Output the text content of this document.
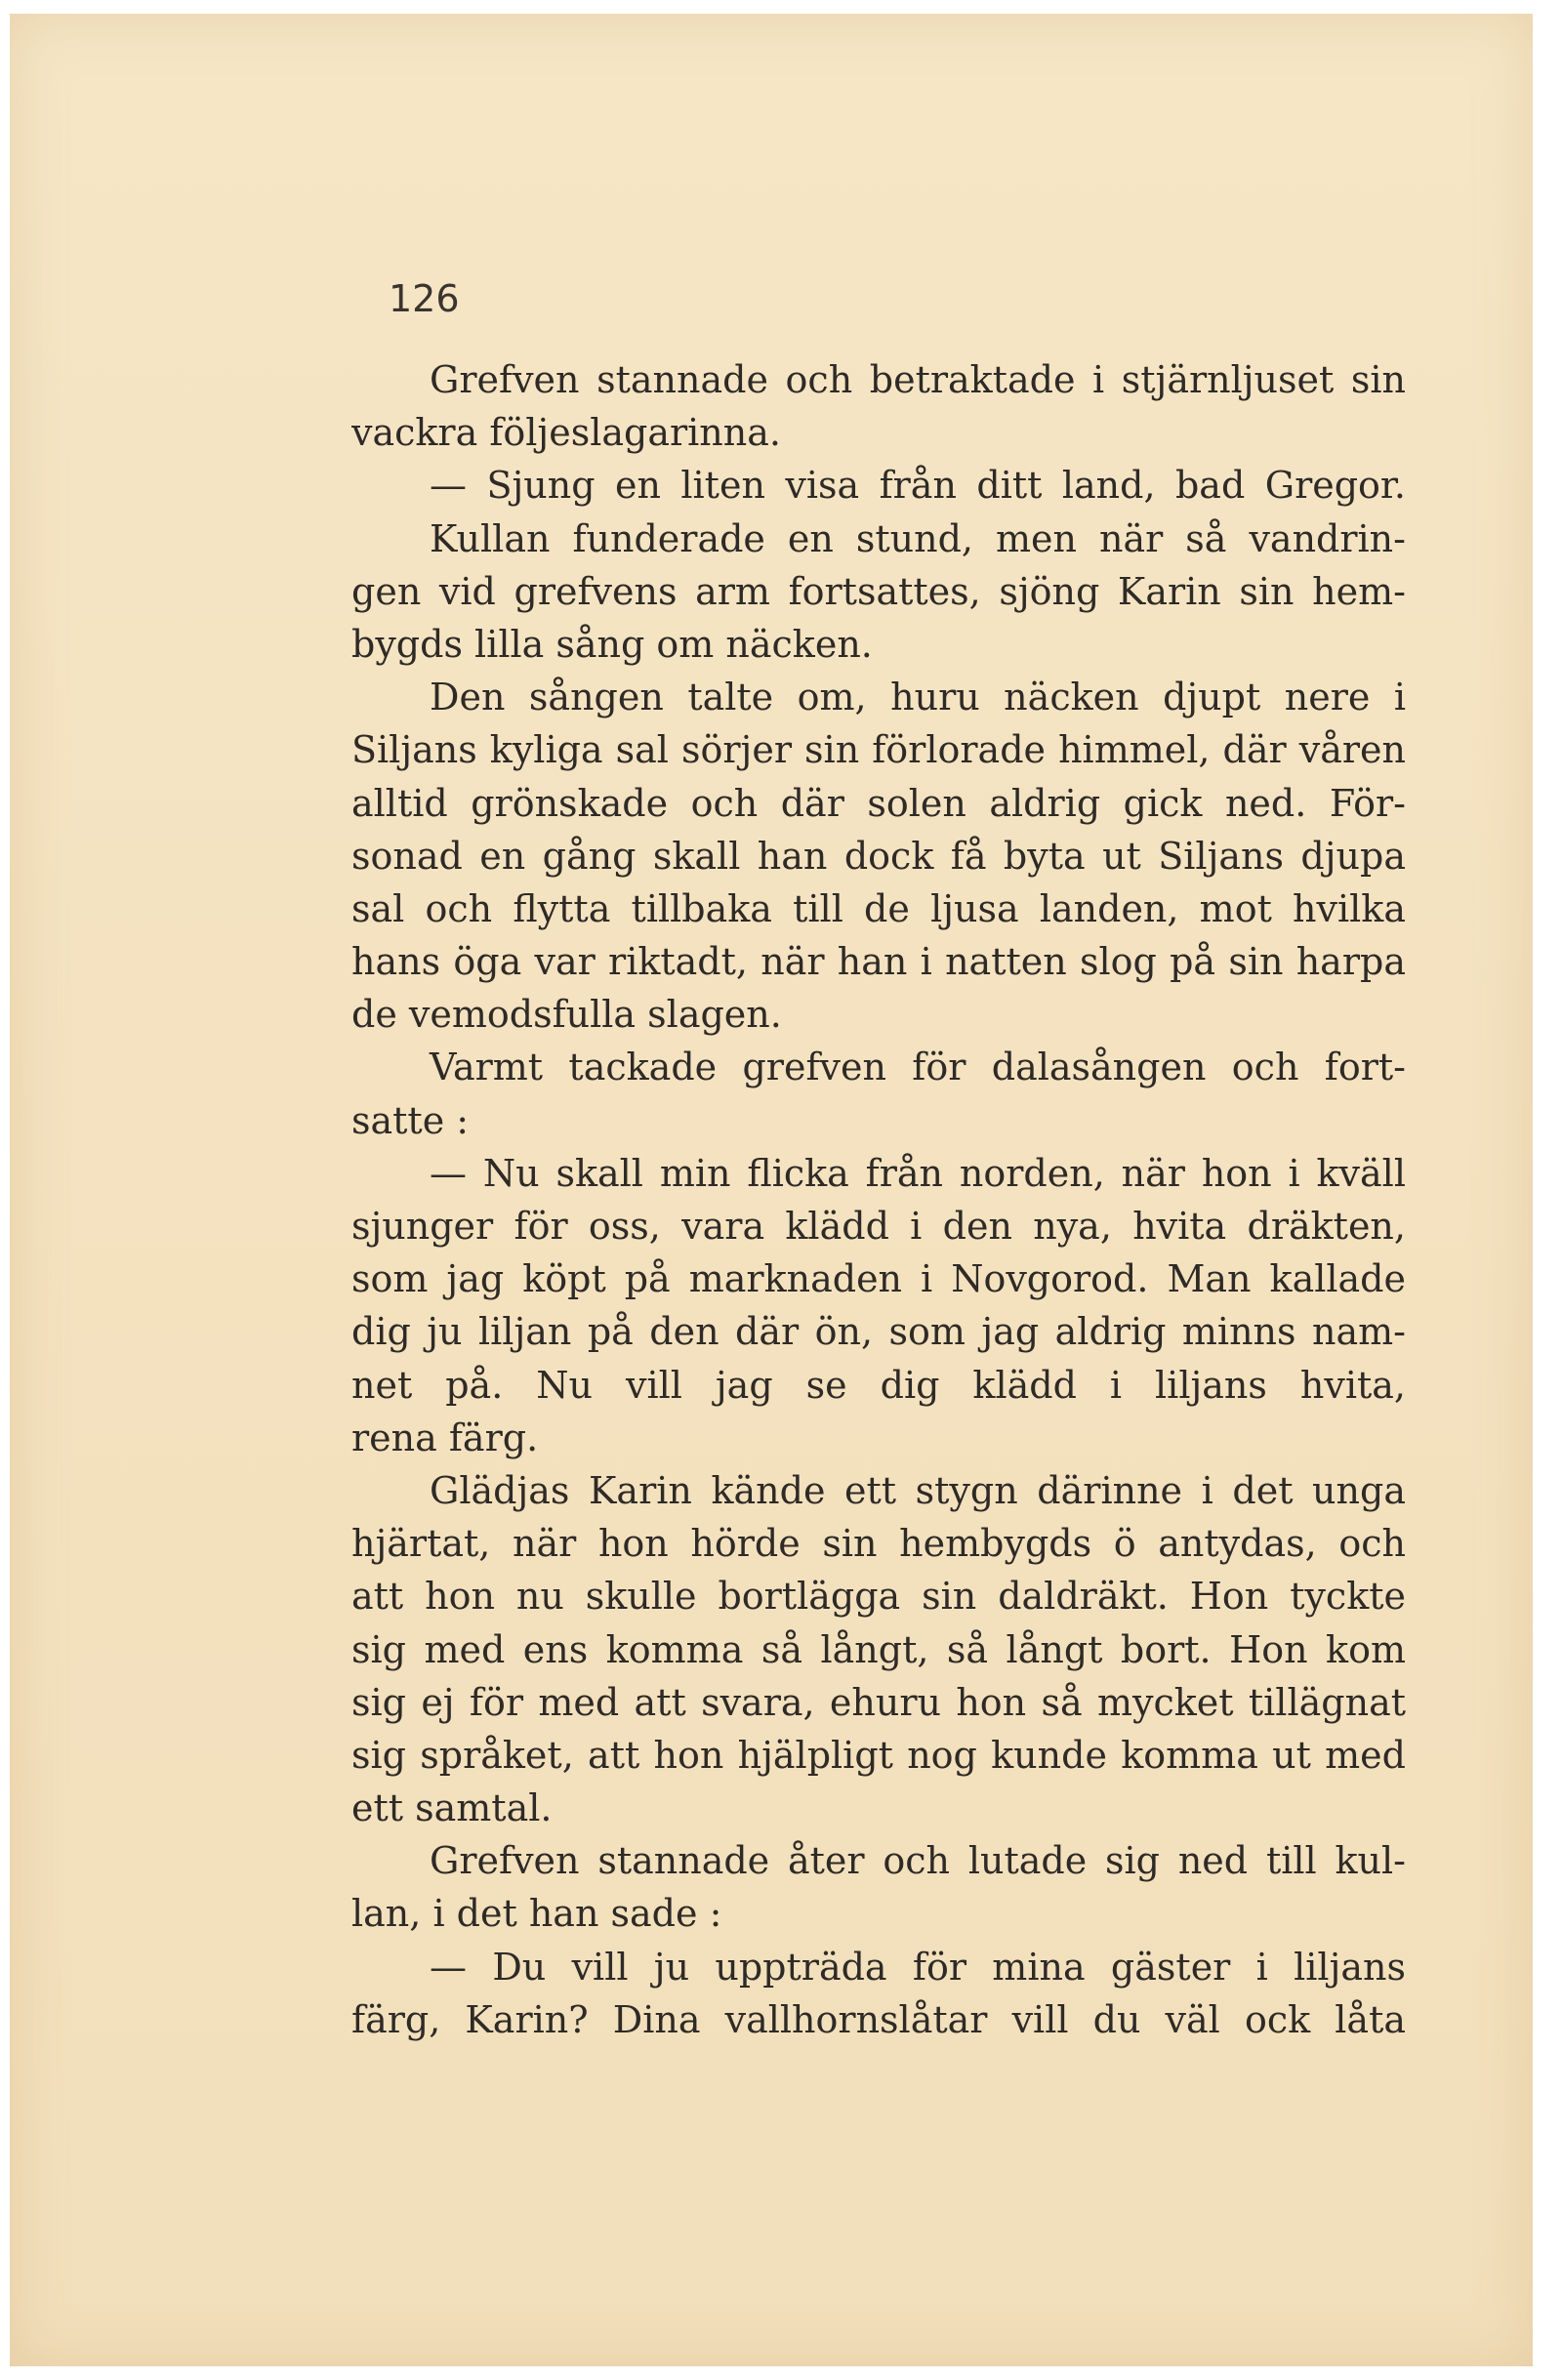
126

Grefven stannade och betraktade i stjärnljuset sin
vackra följeslagarinna.
— Sjung en liten visa från ditt land, bad Gregor.
Kullan funderade en stund, men när så vandrin-
gen vid grefvens arm fortsattes, sjöng Karin sin hem-
bygds lilla sång om näcken.
Den sången talte om, huru näcken djupt nere i
Siljans kyliga sal sörjer sin förlorade himmel, där våren
alltid grönskade och där solen aldrig gick ned. För-
sonad en gång skall han dock få byta ut Siljans djupa
sal och flytta tillbaka till de ljusa landen, mot hvilka
hans öga var riktadt, när han i natten slog på sin harpa
de vemodsfulla slagen.
Varmt tackade grefven för dalasången och fort-
satte :
— Nu skall min flicka från norden, när hon i kväll
sjunger för oss, vara klädd i den nya, hvita dräkten,
som jag köpt på marknaden i Novgorod. Man kallade
dig ju liljan på den där ön, som jag aldrig minns nam-
net på. Nu vill jag se dig klädd i liljans hvita,
rena färg.
Glädjas Karin kände ett stygn därinne i det unga
hjärtat, när hon hörde sin hembygds ö antydas, och
att hon nu skulle bortlägga sin daldräkt. Hon tyckte
sig med ens komma så långt, så långt bort. Hon kom
sig ej för med att svara, ehuru hon så mycket tillägnat
sig språket, att hon hjälpligt nog kunde komma ut med
ett samtal.
Grefven stannade åter och lutade sig ned till kul-
lan, i det han sade :
— Du vill ju uppträda för mina gäster i liljans
färg, Karin? Dina vallhornslåtar vill du väl ock låta
